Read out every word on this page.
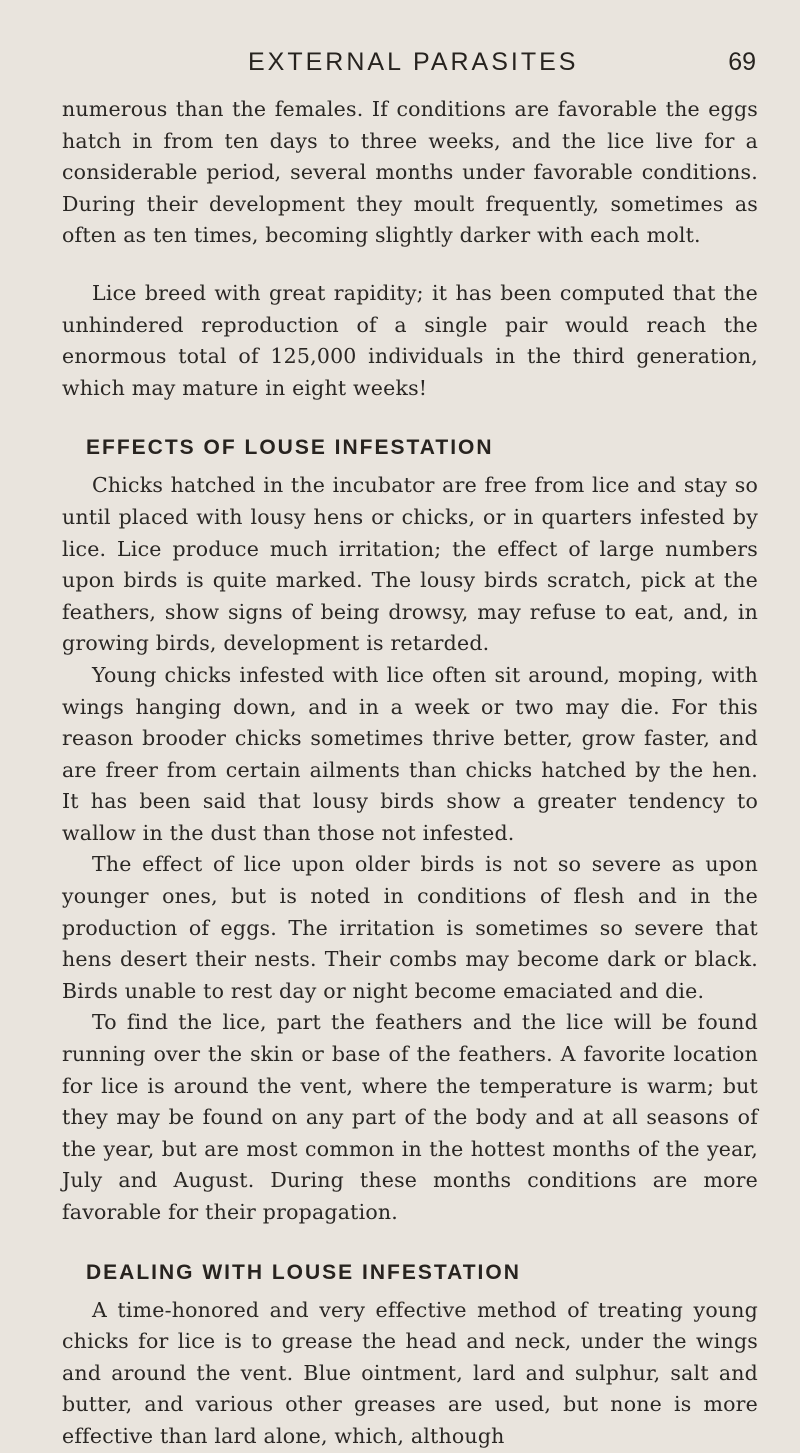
EXTERNAL PARASITES	69

numerous than the females. If conditions are favorable the eggs hatch in from ten days to three weeks, and the lice live for a considerable period, several months under favorable conditions. During their development they moult frequently, sometimes as often as ten times, becoming slightly darker with each molt.

Lice breed with great rapidity; it has been computed that the unhindered reproduction of a single pair would reach the enormous total of 125,000 individuals in the third generation, which may mature in eight weeks!

EFFECTS OF LOUSE INFESTATION

Chicks hatched in the incubator are free from lice and stay so until placed with lousy hens or chicks, or in quarters infested by lice. Lice produce much irritation; the effect of large numbers upon birds is quite marked. The lousy birds scratch, pick at the feathers, show signs of being drowsy, may refuse to eat, and, in growing birds, development is retarded.

Young chicks infested with lice often sit around, moping, with wings hanging down, and in a week or two may die. For this reason brooder chicks sometimes thrive better, grow faster, and are freer from certain ailments than chicks hatched by the hen. It has been said that lousy birds show a greater tendency to wallow in the dust than those not infested.

The effect of lice upon older birds is not so severe as upon younger ones, but is noted in conditions of flesh and in the production of eggs. The irritation is sometimes so severe that hens desert their nests. Their combs may become dark or black. Birds unable to rest day or night become emaciated and die.

To find the lice, part the feathers and the lice will be found running over the skin or base of the feathers. A favorite location for lice is around the vent, where the temperature is warm; but they may be found on any part of the body and at all seasons of the year, but are most common in the hottest months of the year, July and August. During these months conditions are more favorable for their propagation.

DEALING WITH LOUSE INFESTATION

A time-honored and very effective method of treating young chicks for lice is to grease the head and neck, under the wings and around the vent. Blue ointment, lard and sulphur, salt and butter, and various other greases are used, but none is more effective than lard alone, which, although
